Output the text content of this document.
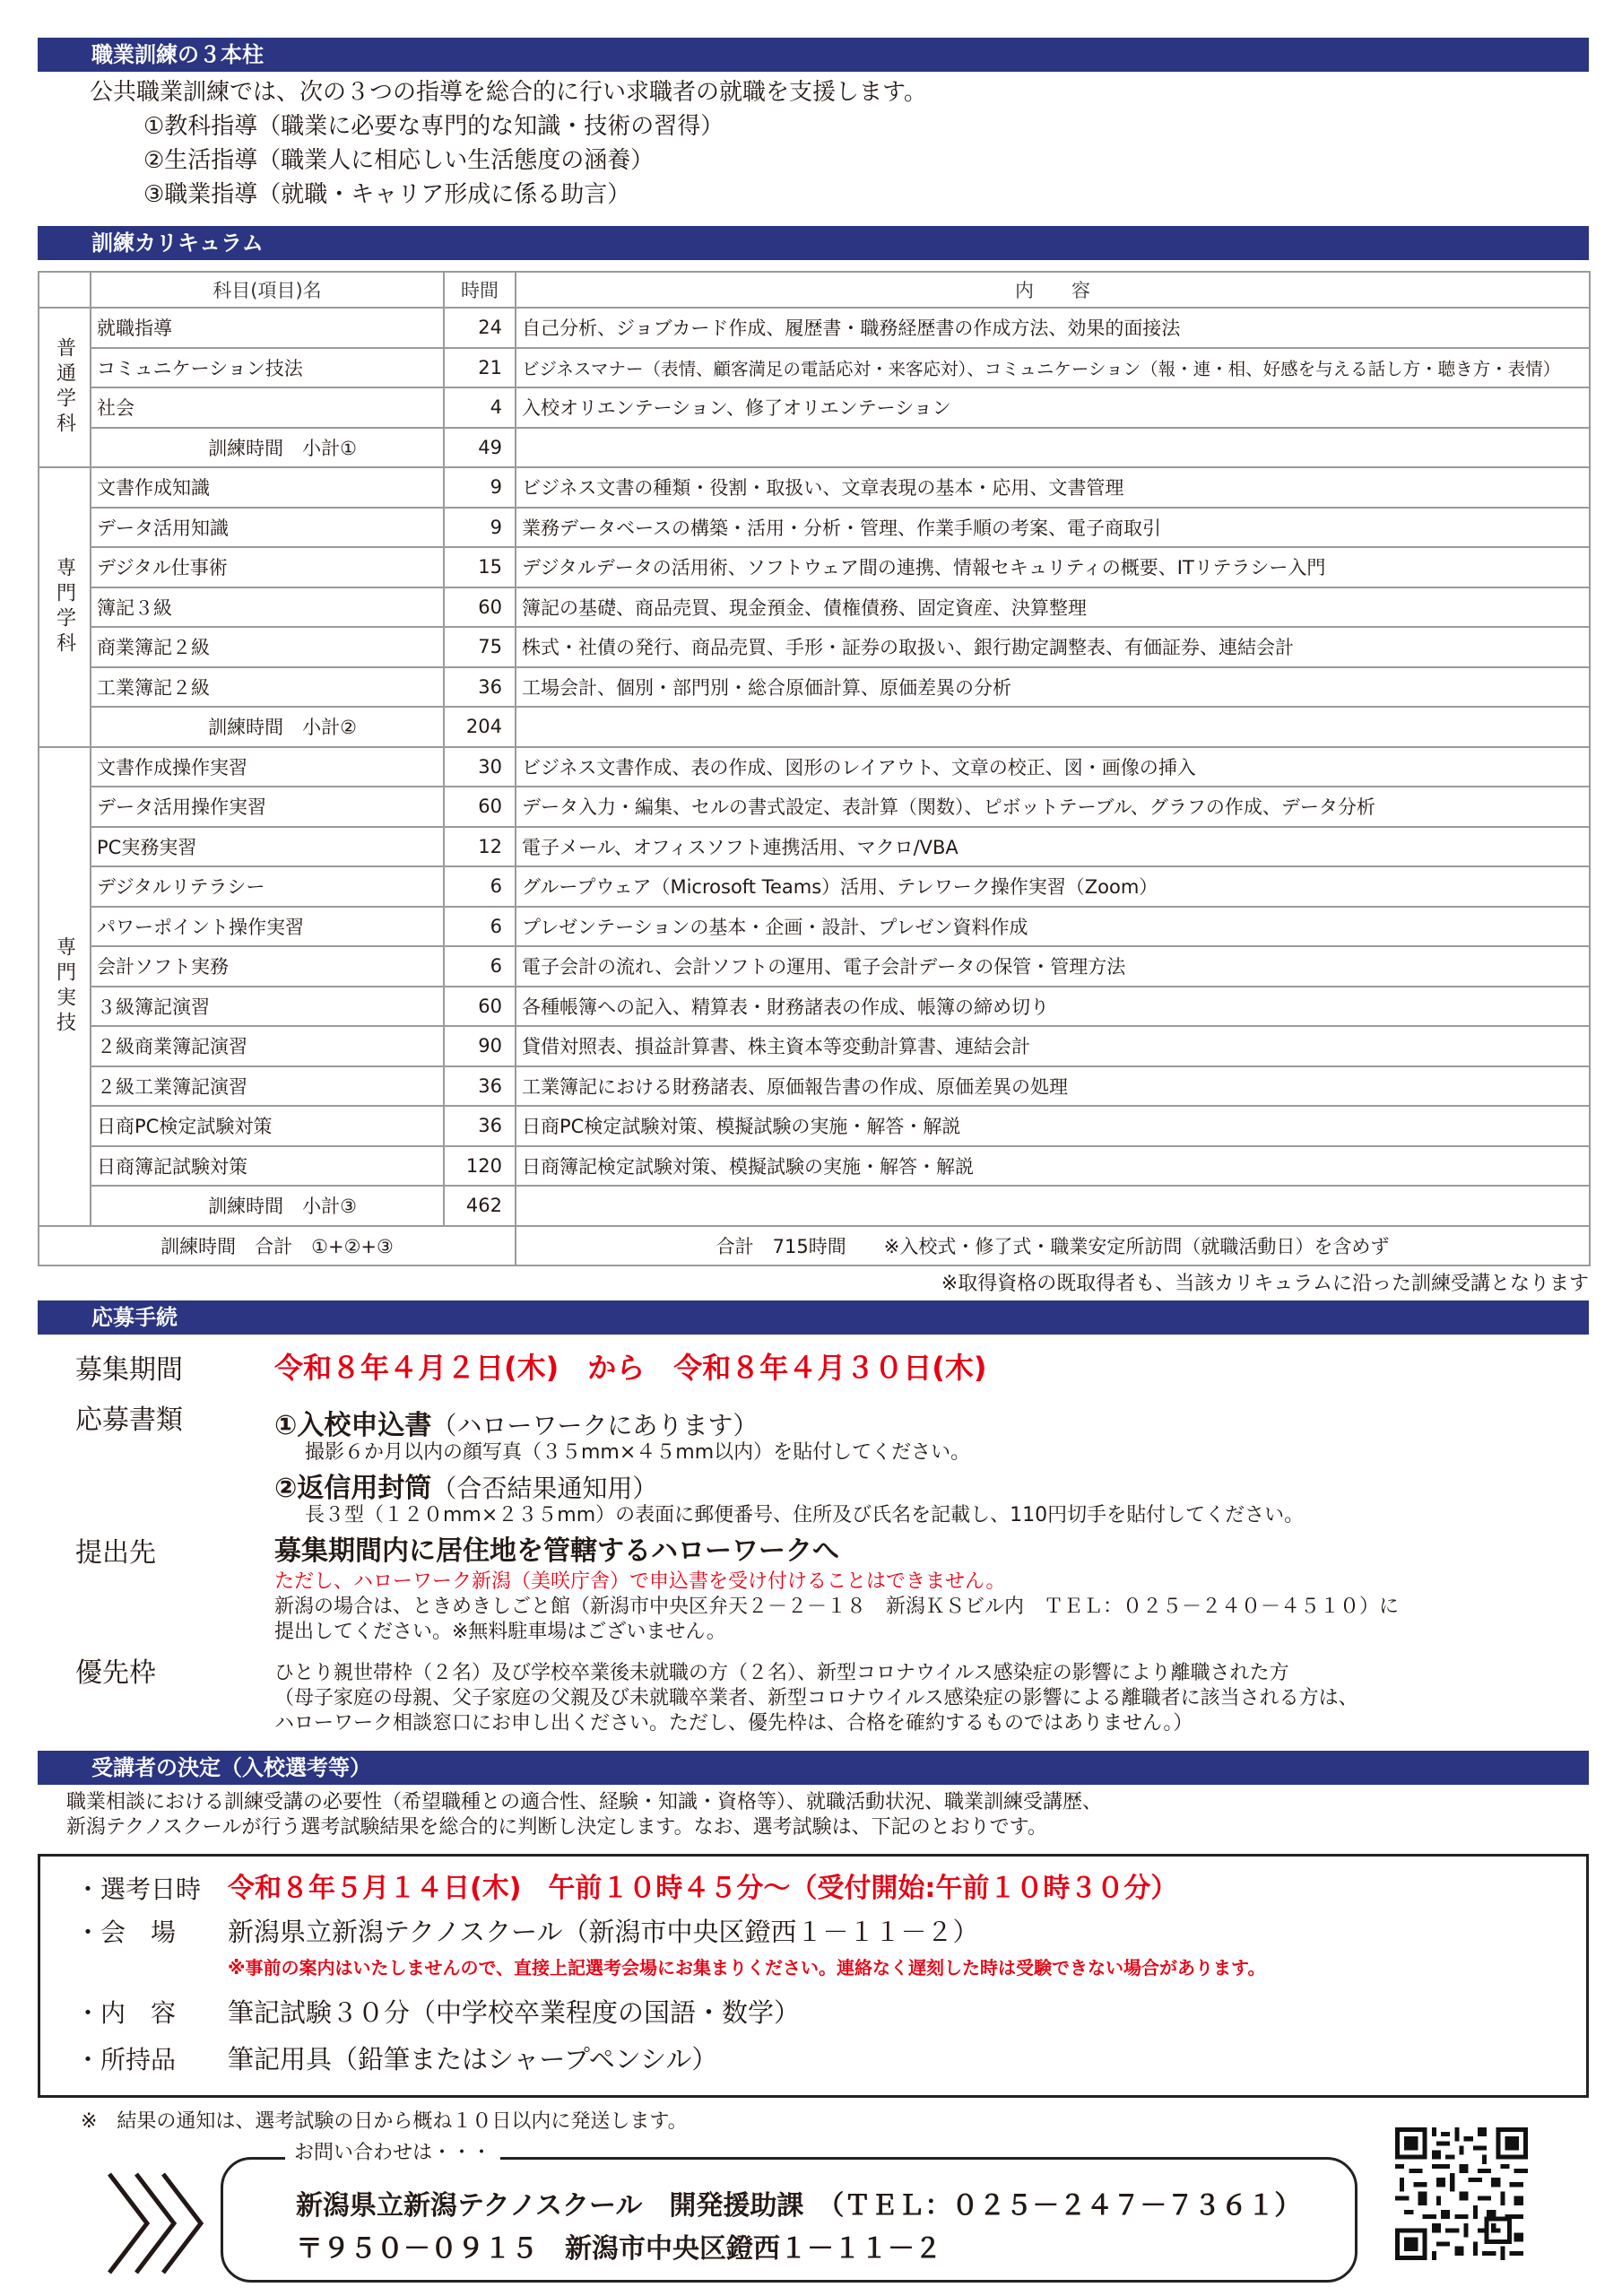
職業訓練の３本柱
公共職業訓練では、次の３つの指導を総合的に行い求職者の就職を支援します。
①教科指導（職業に必要な専門的な知識・技術の習得）
②生活指導（職業人に相応しい生活態度の涵養）
③職業指導（就職・キャリア形成に係る助言）
訓練カリキュラム
	科目(項目)名	時間	内　　容
普通学科	就職指導	24	自己分析、ジョブカード作成、履歴書・職務経歴書の作成方法、効果的面接法
	コミュニケーション技法	21	ビジネスマナー（表情、顧客満足の電話応対・来客応対）、コミュニケーション（報・連・相、好感を与える話し方・聴き方・表情）
	社会	4	入校オリエンテーション、修了オリエンテーション
	訓練時間　小計①	49	
専門学科	文書作成知識	9	ビジネス文書の種類・役割・取扱い、文章表現の基本・応用、文書管理
	データ活用知識	9	業務データベースの構築・活用・分析・管理、作業手順の考案、電子商取引
	デジタル仕事術	15	デジタルデータの活用術、ソフトウェア間の連携、情報セキュリティの概要、ITリテラシー入門
	簿記３級	60	簿記の基礎、商品売買、現金預金、債権債務、固定資産、決算整理
	商業簿記２級	75	株式・社債の発行、商品売買、手形・証券の取扱い、銀行勘定調整表、有価証券、連結会計
	工業簿記２級	36	工場会計、個別・部門別・総合原価計算、原価差異の分析
	訓練時間　小計②	204	
専門実技	文書作成操作実習	30	ビジネス文書作成、表の作成、図形のレイアウト、文章の校正、図・画像の挿入
	データ活用操作実習	60	データ入力・編集、セルの書式設定、表計算（関数）、ピボットテーブル、グラフの作成、データ分析
	PC実務実習	12	電子メール、オフィスソフト連携活用、マクロ/VBA
	デジタルリテラシー	6	グループウェア（Microsoft Teams）活用、テレワーク操作実習（Zoom）
	パワーポイント操作実習	6	プレゼンテーションの基本・企画・設計、プレゼン資料作成
	会計ソフト実務	6	電子会計の流れ、会計ソフトの運用、電子会計データの保管・管理方法
	３級簿記演習	60	各種帳簿への記入、精算表・財務諸表の作成、帳簿の締め切り
	２級商業簿記演習	90	貸借対照表、損益計算書、株主資本等変動計算書、連結会計
	２級工業簿記演習	36	工業簿記における財務諸表、原価報告書の作成、原価差異の処理
	日商PC検定試験対策	36	日商PC検定試験対策、模擬試験の実施・解答・解説
	日商簿記試験対策	120	日商簿記検定試験対策、模擬試験の実施・解答・解説
	訓練時間　小計③	462	
訓練時間　合計　①+②+③			合計　715時間　　※入校式・修了式・職業安定所訪問（就職活動日）を含めず
※取得資格の既取得者も、当該カリキュラムに沿った訓練受講となります
応募手続
募集期間	令和８年４月２日(木)　から　令和８年４月３０日(木)
応募書類	①入校申込書（ハローワークにあります）
撮影６か月以内の顔写真（３５mm×４５mm以内）を貼付してください。
②返信用封筒（合否結果通知用）
長３型（１２０mm×２３５mm）の表面に郵便番号、住所及び氏名を記載し、110円切手を貼付してください。
提出先	募集期間内に居住地を管轄するハローワークへ
ただし、ハローワーク新潟（美咲庁舎）で申込書を受け付けることはできません。
新潟の場合は、ときめきしごと館（新潟市中央区弁天２－２－１８　新潟ＫＳビル内　ＴＥＬ：０２５－２４０－４５１０）に
提出してください。※無料駐車場はございません。
優先枠	ひとり親世帯枠（２名）及び学校卒業後未就職の方（２名）、新型コロナウイルス感染症の影響により離職された方
（母子家庭の母親、父子家庭の父親及び未就職卒業者、新型コロナウイルス感染症の影響による離職者に該当される方は、
ハローワーク相談窓口にお申し出ください。ただし、優先枠は、合格を確約するものではありません。）
受講者の決定（入校選考等）
職業相談における訓練受講の必要性（希望職種との適合性、経験・知識・資格等）、就職活動状況、職業訓練受講歴、
新潟テクノスクールが行う選考試験結果を総合的に判断し決定します。なお、選考試験は、下記のとおりです。
・選考日時 令和８年５月１４日(木)　午前１０時４５分～（受付開始:午前１０時３０分）
・会　場 新潟県立新潟テクノスクール（新潟市中央区鐙西１－１１－２）
※事前の案内はいたしませんので、直接上記選考会場にお集まりください。連絡なく遅刻した時は受験できない場合があります。
・内　容 筆記試験３０分（中学校卒業程度の国語・数学）
・所持品 筆記用具（鉛筆またはシャープペンシル）
※　結果の通知は、選考試験の日から概ね１０日以内に発送します。
お問い合わせは・・・
新潟県立新潟テクノスクール　開発援助課　（ＴＥＬ：０２５－２４７－７３６１）
〒９５０－０９１５　新潟市中央区鐙西１－１１－２
